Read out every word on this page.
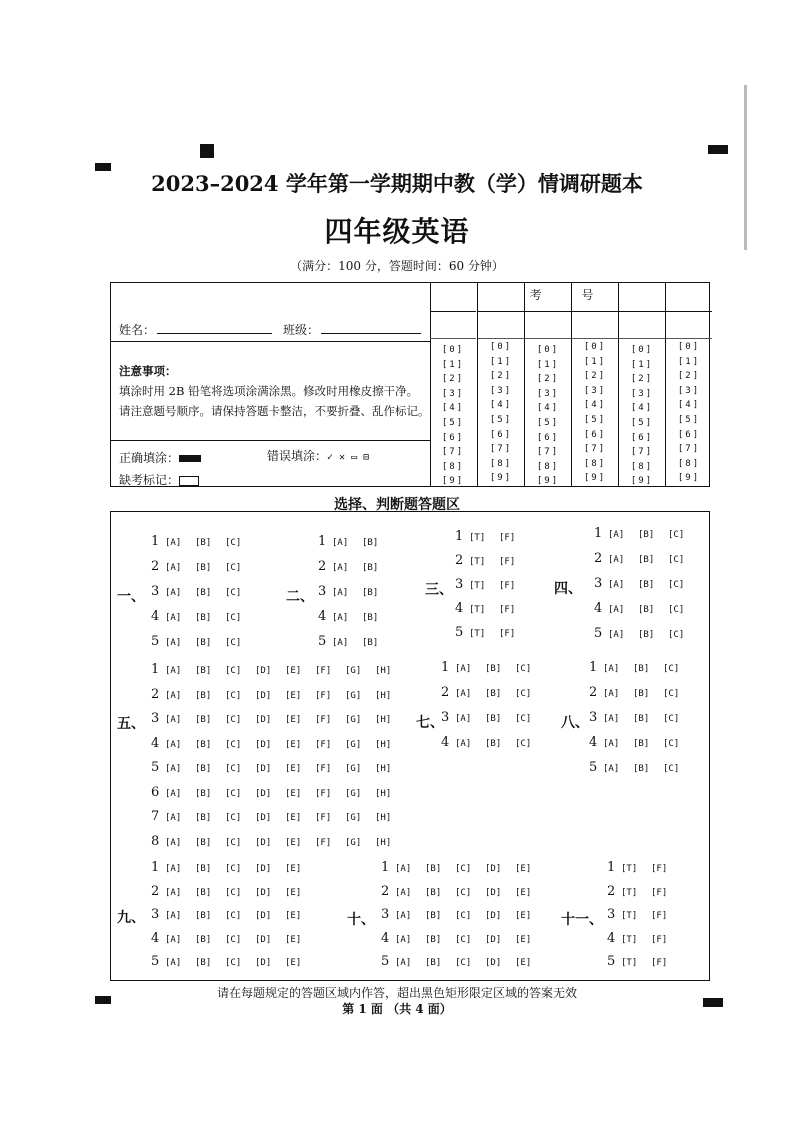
2023–2024 学年第一学期期中教（学）情调研题本
四年级英语
（满分：100 分，答题时间：60 分钟）
姓名：	班级：

注意事项：

填涂时用 2B 铅笔将选项涂满涂黑。修改时用橡皮擦干净。

请注意题号顺序。请保持答题卡整洁，不要折叠、乱作标记。

正确填涂：	错误填涂：✓ ✕ ▭ ⊟
缺考标记：
考 号
[0]
[1]
[2]
[3]
[4]
[5]
[6]
[7]
[8]
[9]
[0]
[1]
[2]
[3]
[4]
[5]
[6]
[7]
[8]
[9]
[0]
[1]
[2]
[3]
[4]
[5]
[6]
[7]
[8]
[9]
[0]
[1]
[2]
[3]
[4]
[5]
[6]
[7]
[8]
[9]
[0]
[1]
[2]
[3]
[4]
[5]
[6]
[7]
[8]
[9]
[0]
[1]
[2]
[3]
[4]
[5]
[6]
[7]
[8]
[9]
选择、判断题答题区
一、
1 [A] [B] [C]
2 [A] [B] [C]
3 [A] [B] [C]
4 [A] [B] [C]
5 [A] [B] [C]
二、
1 [A] [B]
2 [A] [B]
3 [A] [B]
4 [A] [B]
5 [A] [B]
三、
1 [T] [F]
2 [T] [F]
3 [T] [F]
4 [T] [F]
5 [T] [F]
四、
1 [A] [B] [C]
2 [A] [B] [C]
3 [A] [B] [C]
4 [A] [B] [C]
5 [A] [B] [C]
五、
1 [A] [B] [C] [D] [E] [F] [G] [H]
2 [A] [B] [C] [D] [E] [F] [G] [H]
3 [A] [B] [C] [D] [E] [F] [G] [H]
4 [A] [B] [C] [D] [E] [F] [G] [H]
5 [A] [B] [C] [D] [E] [F] [G] [H]
6 [A] [B] [C] [D] [E] [F] [G] [H]
7 [A] [B] [C] [D] [E] [F] [G] [H]
8 [A] [B] [C] [D] [E] [F] [G] [H]
七、
1 [A] [B] [C]
2 [A] [B] [C]
3 [A] [B] [C]
4 [A] [B] [C]
八、
1 [A] [B] [C]
2 [A] [B] [C]
3 [A] [B] [C]
4 [A] [B] [C]
5 [A] [B] [C]
九、
1 [A] [B] [C] [D] [E]
2 [A] [B] [C] [D] [E]
3 [A] [B] [C] [D] [E]
4 [A] [B] [C] [D] [E]
5 [A] [B] [C] [D] [E]
十、
1 [A] [B] [C] [D] [E]
2 [A] [B] [C] [D] [E]
3 [A] [B] [C] [D] [E]
4 [A] [B] [C] [D] [E]
5 [A] [B] [C] [D] [E]
十一、
1 [T] [F]
2 [T] [F]
3 [T] [F]
4 [T] [F]
5 [T] [F]
请在每题规定的答题区域内作答，超出黑色矩形限定区域的答案无效
第 1 面 （共 4 面）
